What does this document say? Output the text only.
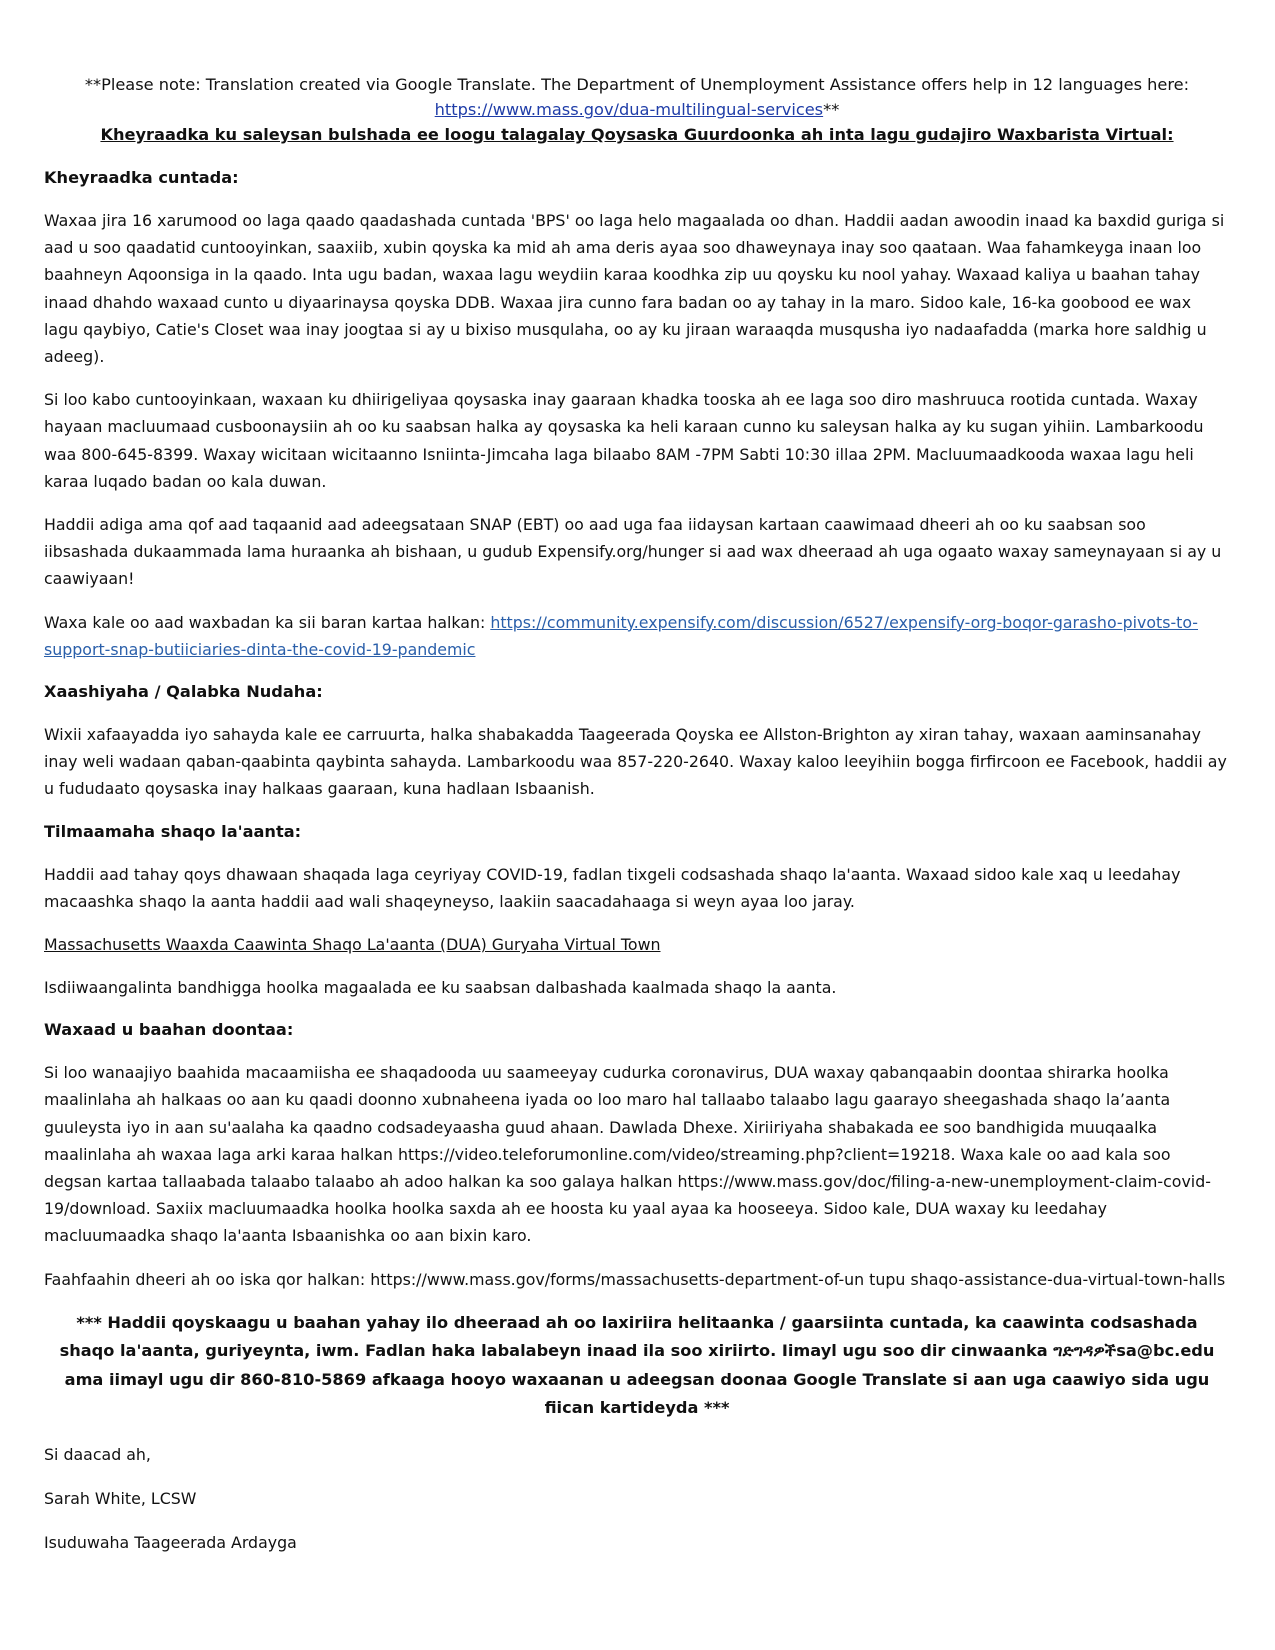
**Please note: Translation created via Google Translate. The Department of Unemployment Assistance offers help in 12 languages here:
https://www.mass.gov/dua-multilingual-services**

Kheyraadka ku saleysan bulshada ee loogu talagalay Qoysaska Guurdoonka ah inta lagu gudajiro Waxbarista Virtual:

Kheyraadka cuntada:

Waxaa jira 16 xarumood oo laga qaado qaadashada cuntada 'BPS' oo laga helo magaalada oo dhan. Haddii aadan awoodin inaad ka baxdid guriga si aad u soo qaadatid cuntooyinkan, saaxiib, xubin qoyska ka mid ah ama deris ayaa soo dhaweynaya inay soo qaataan. Waa fahamkeyga inaan loo baahneyn Aqoonsiga in la qaado. Inta ugu badan, waxaa lagu weydiin karaa koodhka zip uu qoysku ku nool yahay. Waxaad kaliya u baahan tahay inaad dhahdo waxaad cunto u diyaarinaysa qoyska DDB. Waxaa jira cunno fara badan oo ay tahay in la maro. Sidoo kale, 16-ka goobood ee wax lagu qaybiyo, Catie's Closet waa inay joogtaa si ay u bixiso musqulaha, oo ay ku jiraan waraaqda musqusha iyo nadaafadda (marka hore saldhig u adeeg).

Si loo kabo cuntooyinkaan, waxaan ku dhiirigeliyaa qoysaska inay gaaraan khadka tooska ah ee laga soo diro mashruuca rootida cuntada. Waxay hayaan macluumaad cusboonaysiin ah oo ku saabsan halka ay qoysaska ka heli karaan cunno ku saleysan halka ay ku sugan yihiin. Lambarkoodu waa 800-645-8399. Waxay wicitaan wicitaanno Isniinta-Jimcaha laga bilaabo 8AM -7PM Sabti 10:30 illaa 2PM. Macluumaadkooda waxaa lagu heli karaa luqado badan oo kala duwan.

Haddii adiga ama qof aad taqaanid aad adeegsataan SNAP (EBT) oo aad uga faa iidaysan kartaan caawimaad dheeri ah oo ku saabsan soo iibsashada dukaammada lama huraanka ah bishaan, u gudub Expensify.org/hunger si aad wax dheeraad ah uga ogaato waxay sameynayaan si ay u caawiyaan!

Waxa kale oo aad waxbadan ka sii baran kartaa halkan: https://community.expensify.com/discussion/6527/expensify-org-boqor-garasho-pivots-to-support-snap-butiiciaries-dinta-the-covid-19-pandemic

Xaashiyaha / Qalabka Nudaha:

Wixii xafaayadda iyo sahayda kale ee carruurta, halka shabakadda Taageerada Qoyska ee Allston-Brighton ay xiran tahay, waxaan aaminsanahay inay weli wadaan qaban-qaabinta qaybinta sahayda. Lambarkoodu waa 857-220-2640. Waxay kaloo leeyihiin bogga firfircoon ee Facebook, haddii ay u fududaato qoysaska inay halkaas gaaraan, kuna hadlaan Isbaanish.

Tilmaamaha shaqo la'aanta:

Haddii aad tahay qoys dhawaan shaqada laga ceyriyay COVID-19, fadlan tixgeli codsashada shaqo la'aanta. Waxaad sidoo kale xaq u leedahay macaashka shaqo la aanta haddii aad wali shaqeyneyso, laakiin saacadahaaga si weyn ayaa loo jaray.

Massachusetts Waaxda Caawinta Shaqo La'aanta (DUA) Guryaha Virtual Town

Isdiiwaangalinta bandhigga hoolka magaalada ee ku saabsan dalbashada kaalmada shaqo la aanta.

Waxaad u baahan doontaa:

Si loo wanaajiyo baahida macaamiisha ee shaqadooda uu saameeyay cudurka coronavirus, DUA waxay qabanqaabin doontaa shirarka hoolka maalinlaha ah halkaas oo aan ku qaadi doonno xubnaheena iyada oo loo maro hal tallaabo talaabo lagu gaarayo sheegashada shaqo la’aanta guuleysta iyo in aan su'aalaha ka qaadno codsadeyaasha guud ahaan. Dawlada Dhexe. Xiriiriyaha shabakada ee soo bandhigida muuqaalka maalinlaha ah waxaa laga arki karaa halkan https://video.teleforumonline.com/video/streaming.php?client=19218. Waxa kale oo aad kala soo degsan kartaa tallaabada talaabo talaabo ah adoo halkan ka soo galaya halkan https://www.mass.gov/doc/filing-a-new-unemployment-claim-covid-19/download. Saxiix macluumaadka hoolka hoolka saxda ah ee hoosta ku yaal ayaa ka hooseeya. Sidoo kale, DUA waxay ku leedahay macluumaadka shaqo la'aanta Isbaanishka oo aan bixin karo.

Faahfaahin dheeri ah oo iska qor halkan: https://www.mass.gov/forms/massachusetts-department-of-un tupu shaqo-assistance-dua-virtual-town-halls

*** Haddii qoyskaagu u baahan yahay ilo dheeraad ah oo laxiriira helitaanka / gaarsiinta cuntada, ka caawinta codsashada shaqo la'aanta, guriyeynta, iwm. Fadlan haka labalabeyn inaad ila soo xiriirto. Iimayl ugu soo dir cinwaanka ግድግዳዎችsa@bc.edu ama iimayl ugu dir 860-810-5869 afkaaga hooyo waxaanan u adeegsan doonaa Google Translate si aan uga caawiyo sida ugu fiican kartideyda ***

Si daacad ah,

Sarah White, LCSW

Isuduwaha Taageerada Ardayga
